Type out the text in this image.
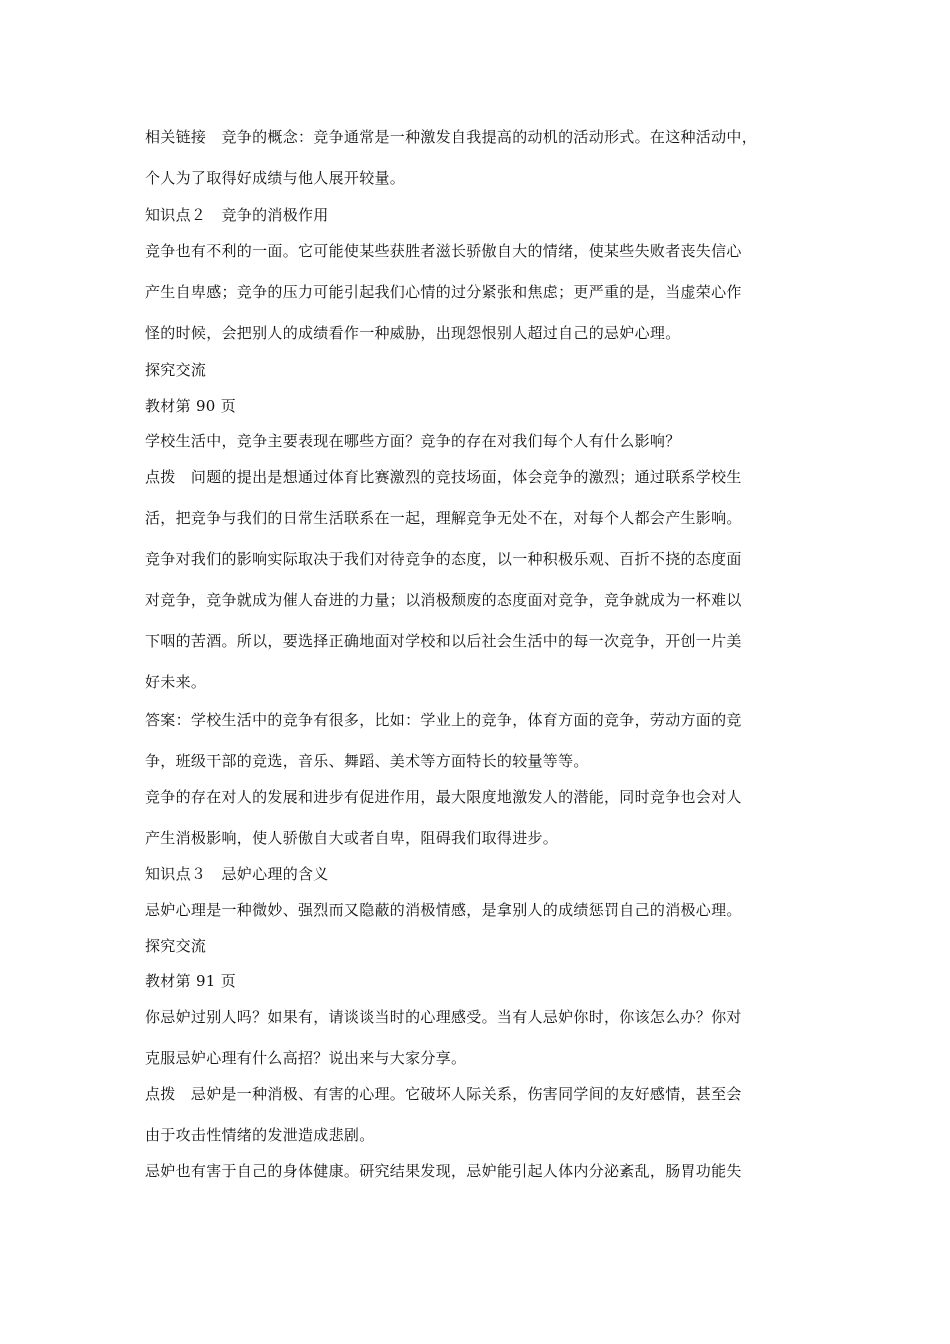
相关链接　竞争的概念：竞争通常是一种激发自我提高的动机的活动形式。在这种活动中，
个人为了取得好成绩与他人展开较量。
知识点２　竞争的消极作用
竞争也有不利的一面。它可能使某些获胜者滋长骄傲自大的情绪，使某些失败者丧失信心
产生自卑感；竞争的压力可能引起我们心情的过分紧张和焦虑；更严重的是，当虚荣心作
怪的时候，会把别人的成绩看作一种威胁，出现怨恨别人超过自己的忌妒心理。
探究交流
教材第 90 页
学校生活中，竞争主要表现在哪些方面？竞争的存在对我们每个人有什么影响？
点拨　问题的提出是想通过体育比赛激烈的竞技场面，体会竞争的激烈；通过联系学校生
活，把竞争与我们的日常生活联系在一起，理解竞争无处不在，对每个人都会产生影响。
竞争对我们的影响实际取决于我们对待竞争的态度，以一种积极乐观、百折不挠的态度面
对竞争，竞争就成为催人奋进的力量；以消极颓废的态度面对竞争，竞争就成为一杯难以
下咽的苦酒。所以，要选择正确地面对学校和以后社会生活中的每一次竞争，开创一片美
好未来。
答案：学校生活中的竞争有很多，比如：学业上的竞争，体育方面的竞争，劳动方面的竞
争，班级干部的竞选，音乐、舞蹈、美术等方面特长的较量等等。
竞争的存在对人的发展和进步有促进作用，最大限度地激发人的潜能，同时竞争也会对人
产生消极影响，使人骄傲自大或者自卑，阻碍我们取得进步。
知识点３　忌妒心理的含义
忌妒心理是一种微妙、强烈而又隐蔽的消极情感，是拿别人的成绩惩罚自己的消极心理。
探究交流
教材第 91 页
你忌妒过别人吗？如果有，请谈谈当时的心理感受。当有人忌妒你时，你该怎么办？你对
克服忌妒心理有什么高招？说出来与大家分享。
点拨　忌妒是一种消极、有害的心理。它破坏人际关系，伤害同学间的友好感情，甚至会
由于攻击性情绪的发泄造成悲剧。
忌妒也有害于自己的身体健康。研究结果发现，忌妒能引起人体内分泌紊乱，肠胃功能失
